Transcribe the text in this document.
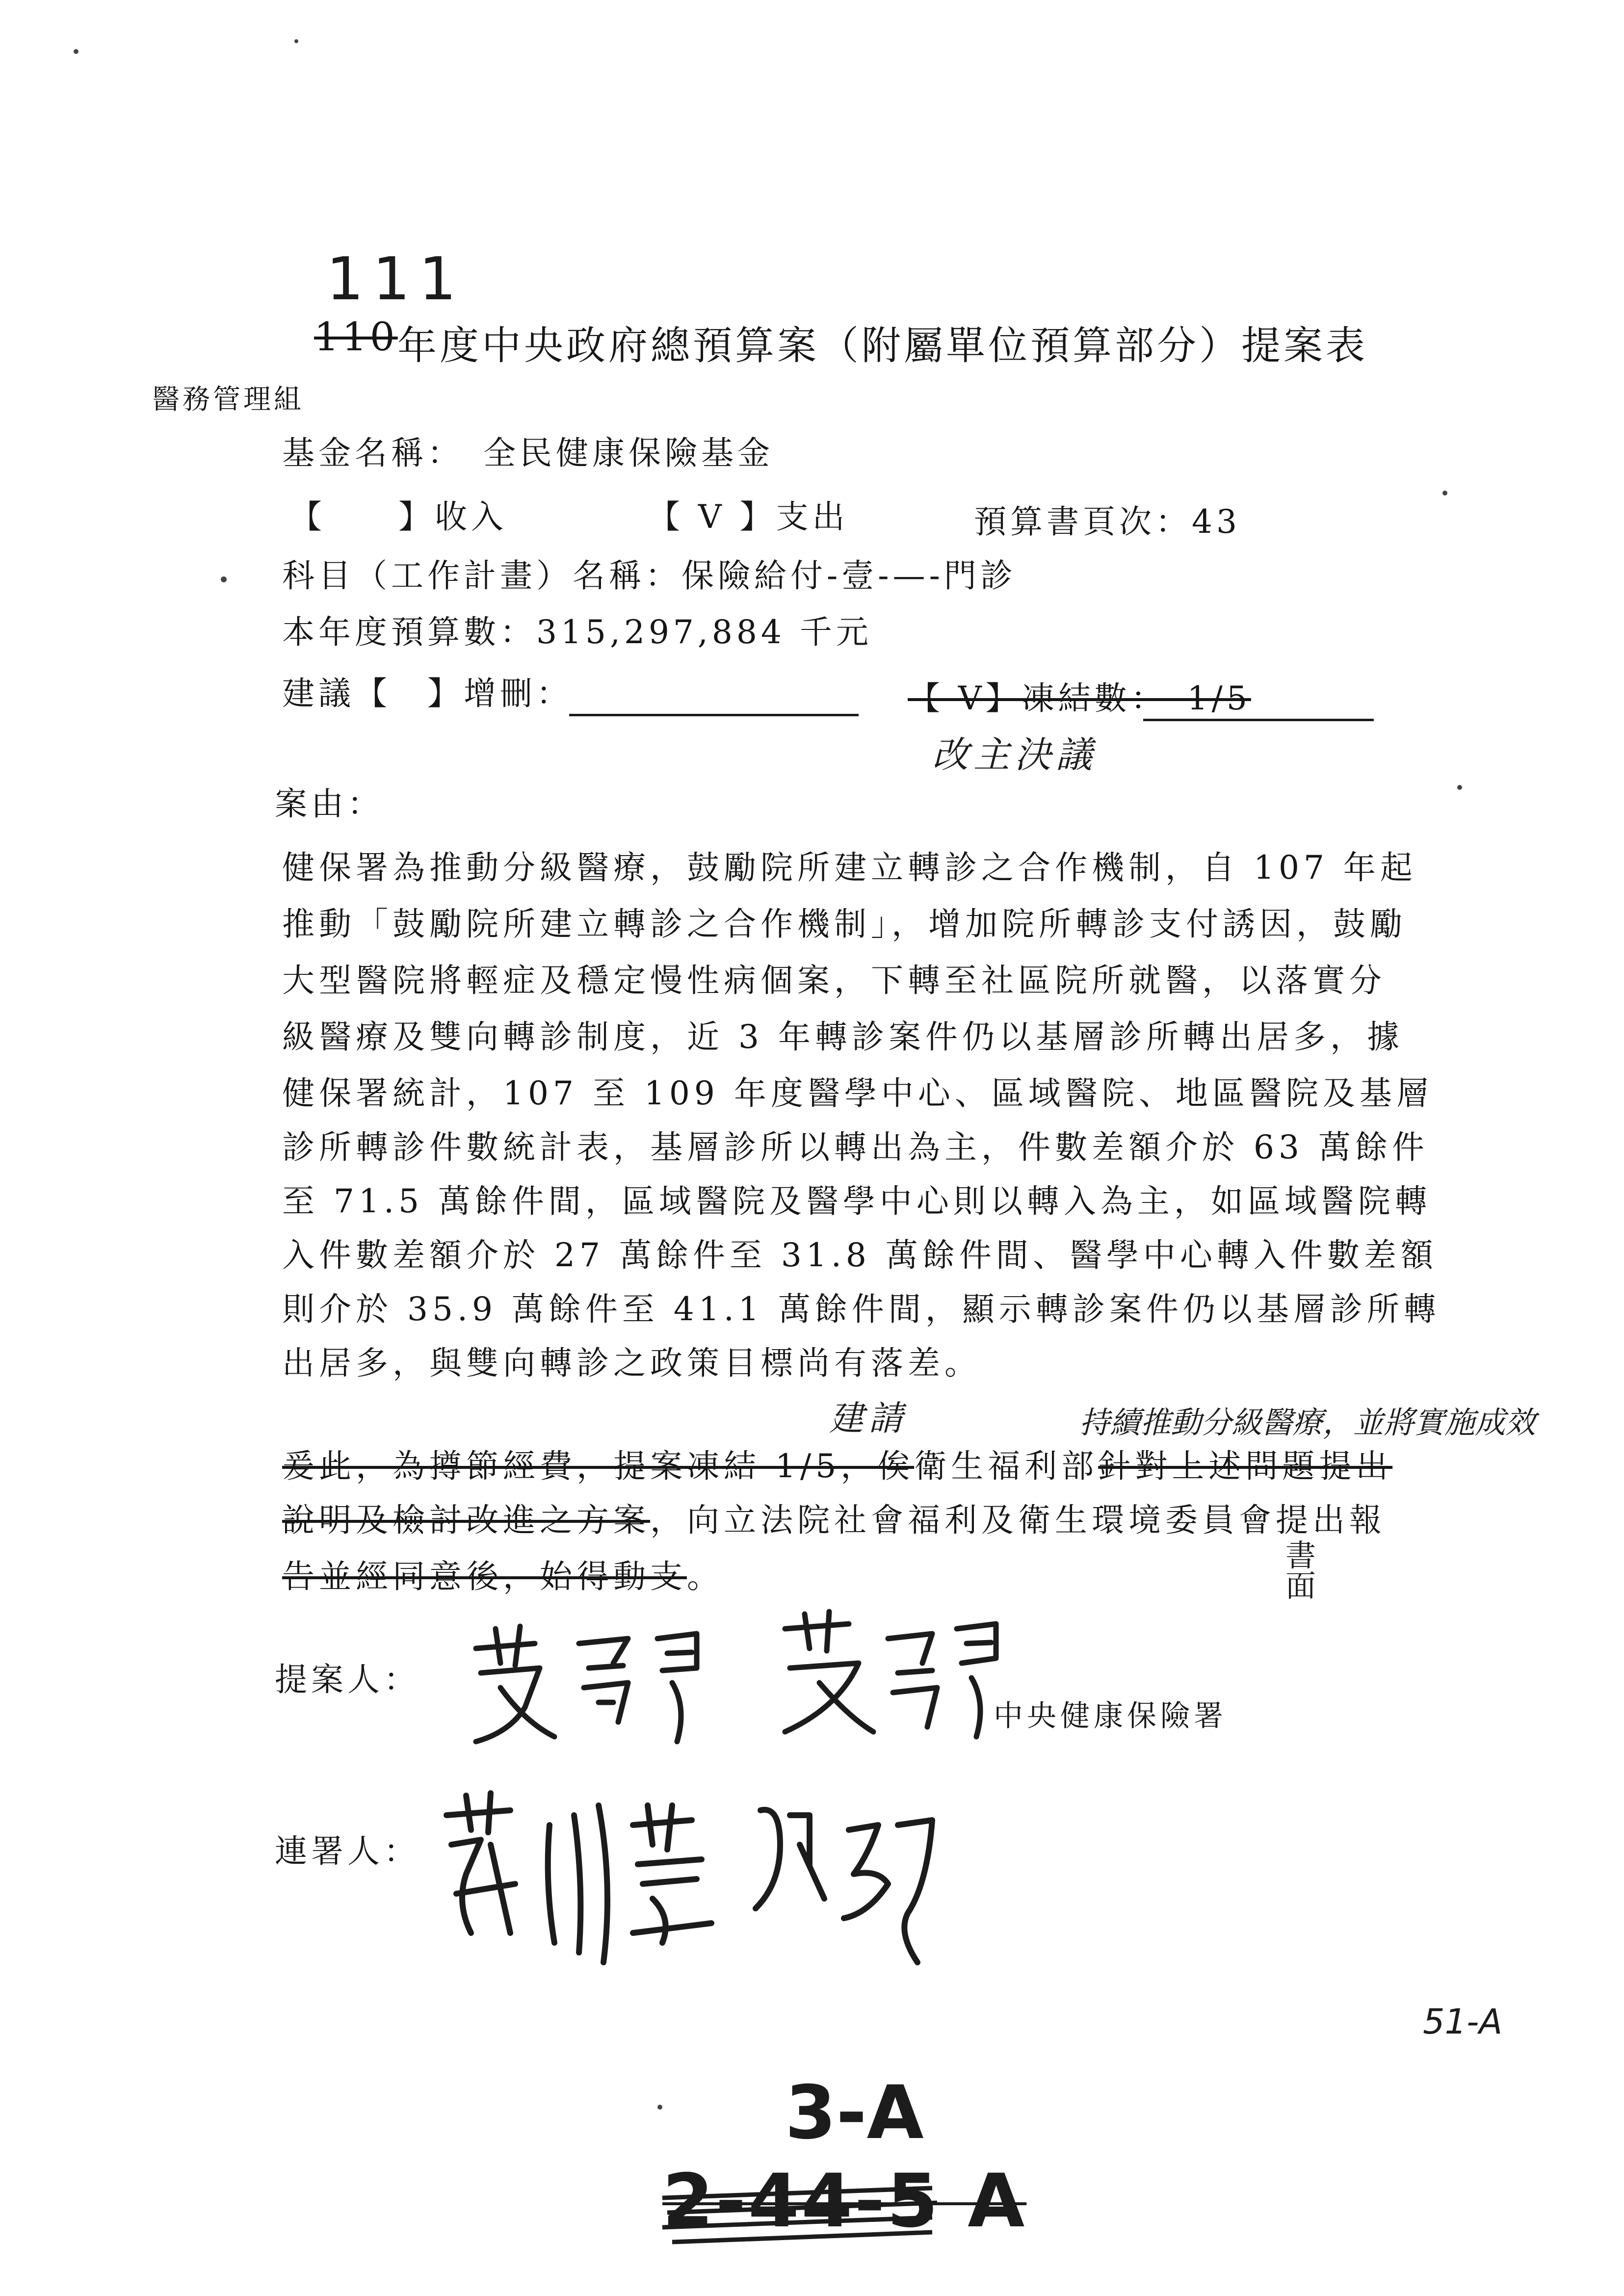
111
110 年度中央政府總預算案（附屬單位預算部分）提案表
醫務管理組
基金名稱： 全民健康保險基金
【　　】收入	【 V 】支出	預算書頁次：43
科目（工作計畫）名稱：保險給付-壹-—-門診
本年度預算數：315,297,884 千元
建議【　】增刪：	【 V】凍結數：　1/5
改主決議
案由：
健保署為推動分級醫療，鼓勵院所建立轉診之合作機制，自 107 年起
推動「鼓勵院所建立轉診之合作機制」，增加院所轉診支付誘因，鼓勵
大型醫院將輕症及穩定慢性病個案，下轉至社區院所就醫，以落實分
級醫療及雙向轉診制度，近 3 年轉診案件仍以基層診所轉出居多，據
健保署統計，107 至 109 年度醫學中心、區域醫院、地區醫院及基層
診所轉診件數統計表，基層診所以轉出為主，件數差額介於 63 萬餘件
至 71.5 萬餘件間，區域醫院及醫學中心則以轉入為主，如區域醫院轉
入件數差額介於 27 萬餘件至 31.8 萬餘件間、醫學中心轉入件數差額
則介於 35.9 萬餘件至 41.1 萬餘件間，顯示轉診案件仍以基層診所轉
出居多，與雙向轉診之政策目標尚有落差。
建請	持續推動分級醫療，並將實施成效
爰此，為撙節經費，提案凍結 1/5，俟衛生福利部針對上述問題提出
說明及檢討改進之方案，向立法院社會福利及衛生環境委員會提出報
告並經同意後，始得動支。
書面
提案人：
中央健康保險署
連署人：
51-A
3-A
2-44-5 A
